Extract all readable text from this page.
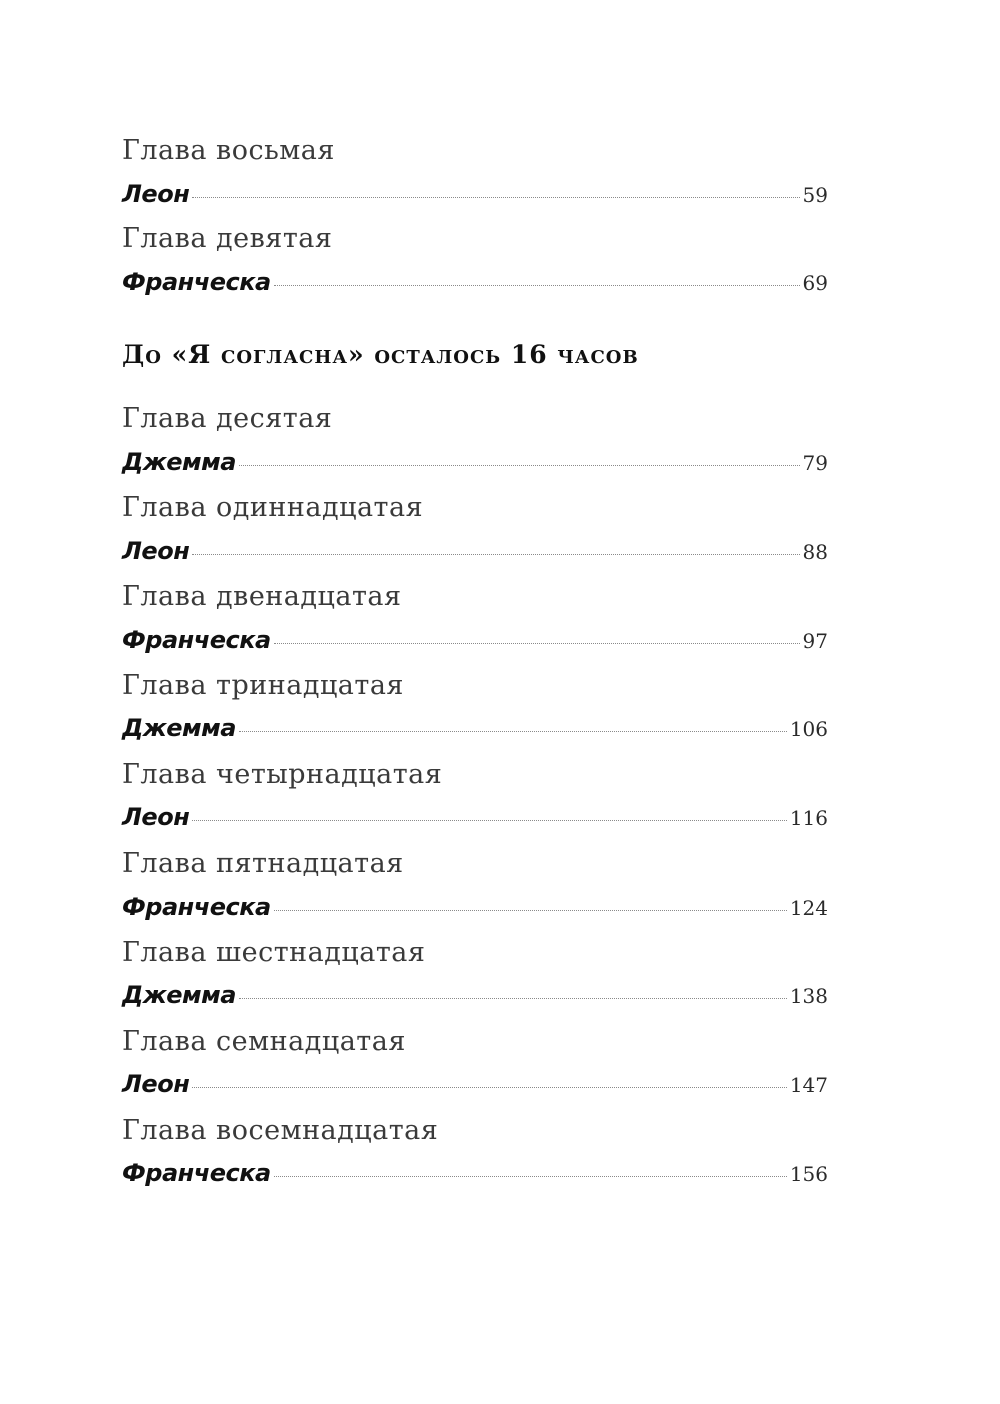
Глава восьмая
Леон	59
Глава девятая
Франческа	69
До «Я согласна» осталось 16 часов
Глава десятая
Джемма	79
Глава одиннадцатая
Леон	88
Глава двенадцатая
Франческа	97
Глава тринадцатая
Джемма	106
Глава четырнадцатая
Леон	116
Глава пятнадцатая
Франческа	124
Глава шестнадцатая
Джемма	138
Глава семнадцатая
Леон	147
Глава восемнадцатая
Франческа	156
